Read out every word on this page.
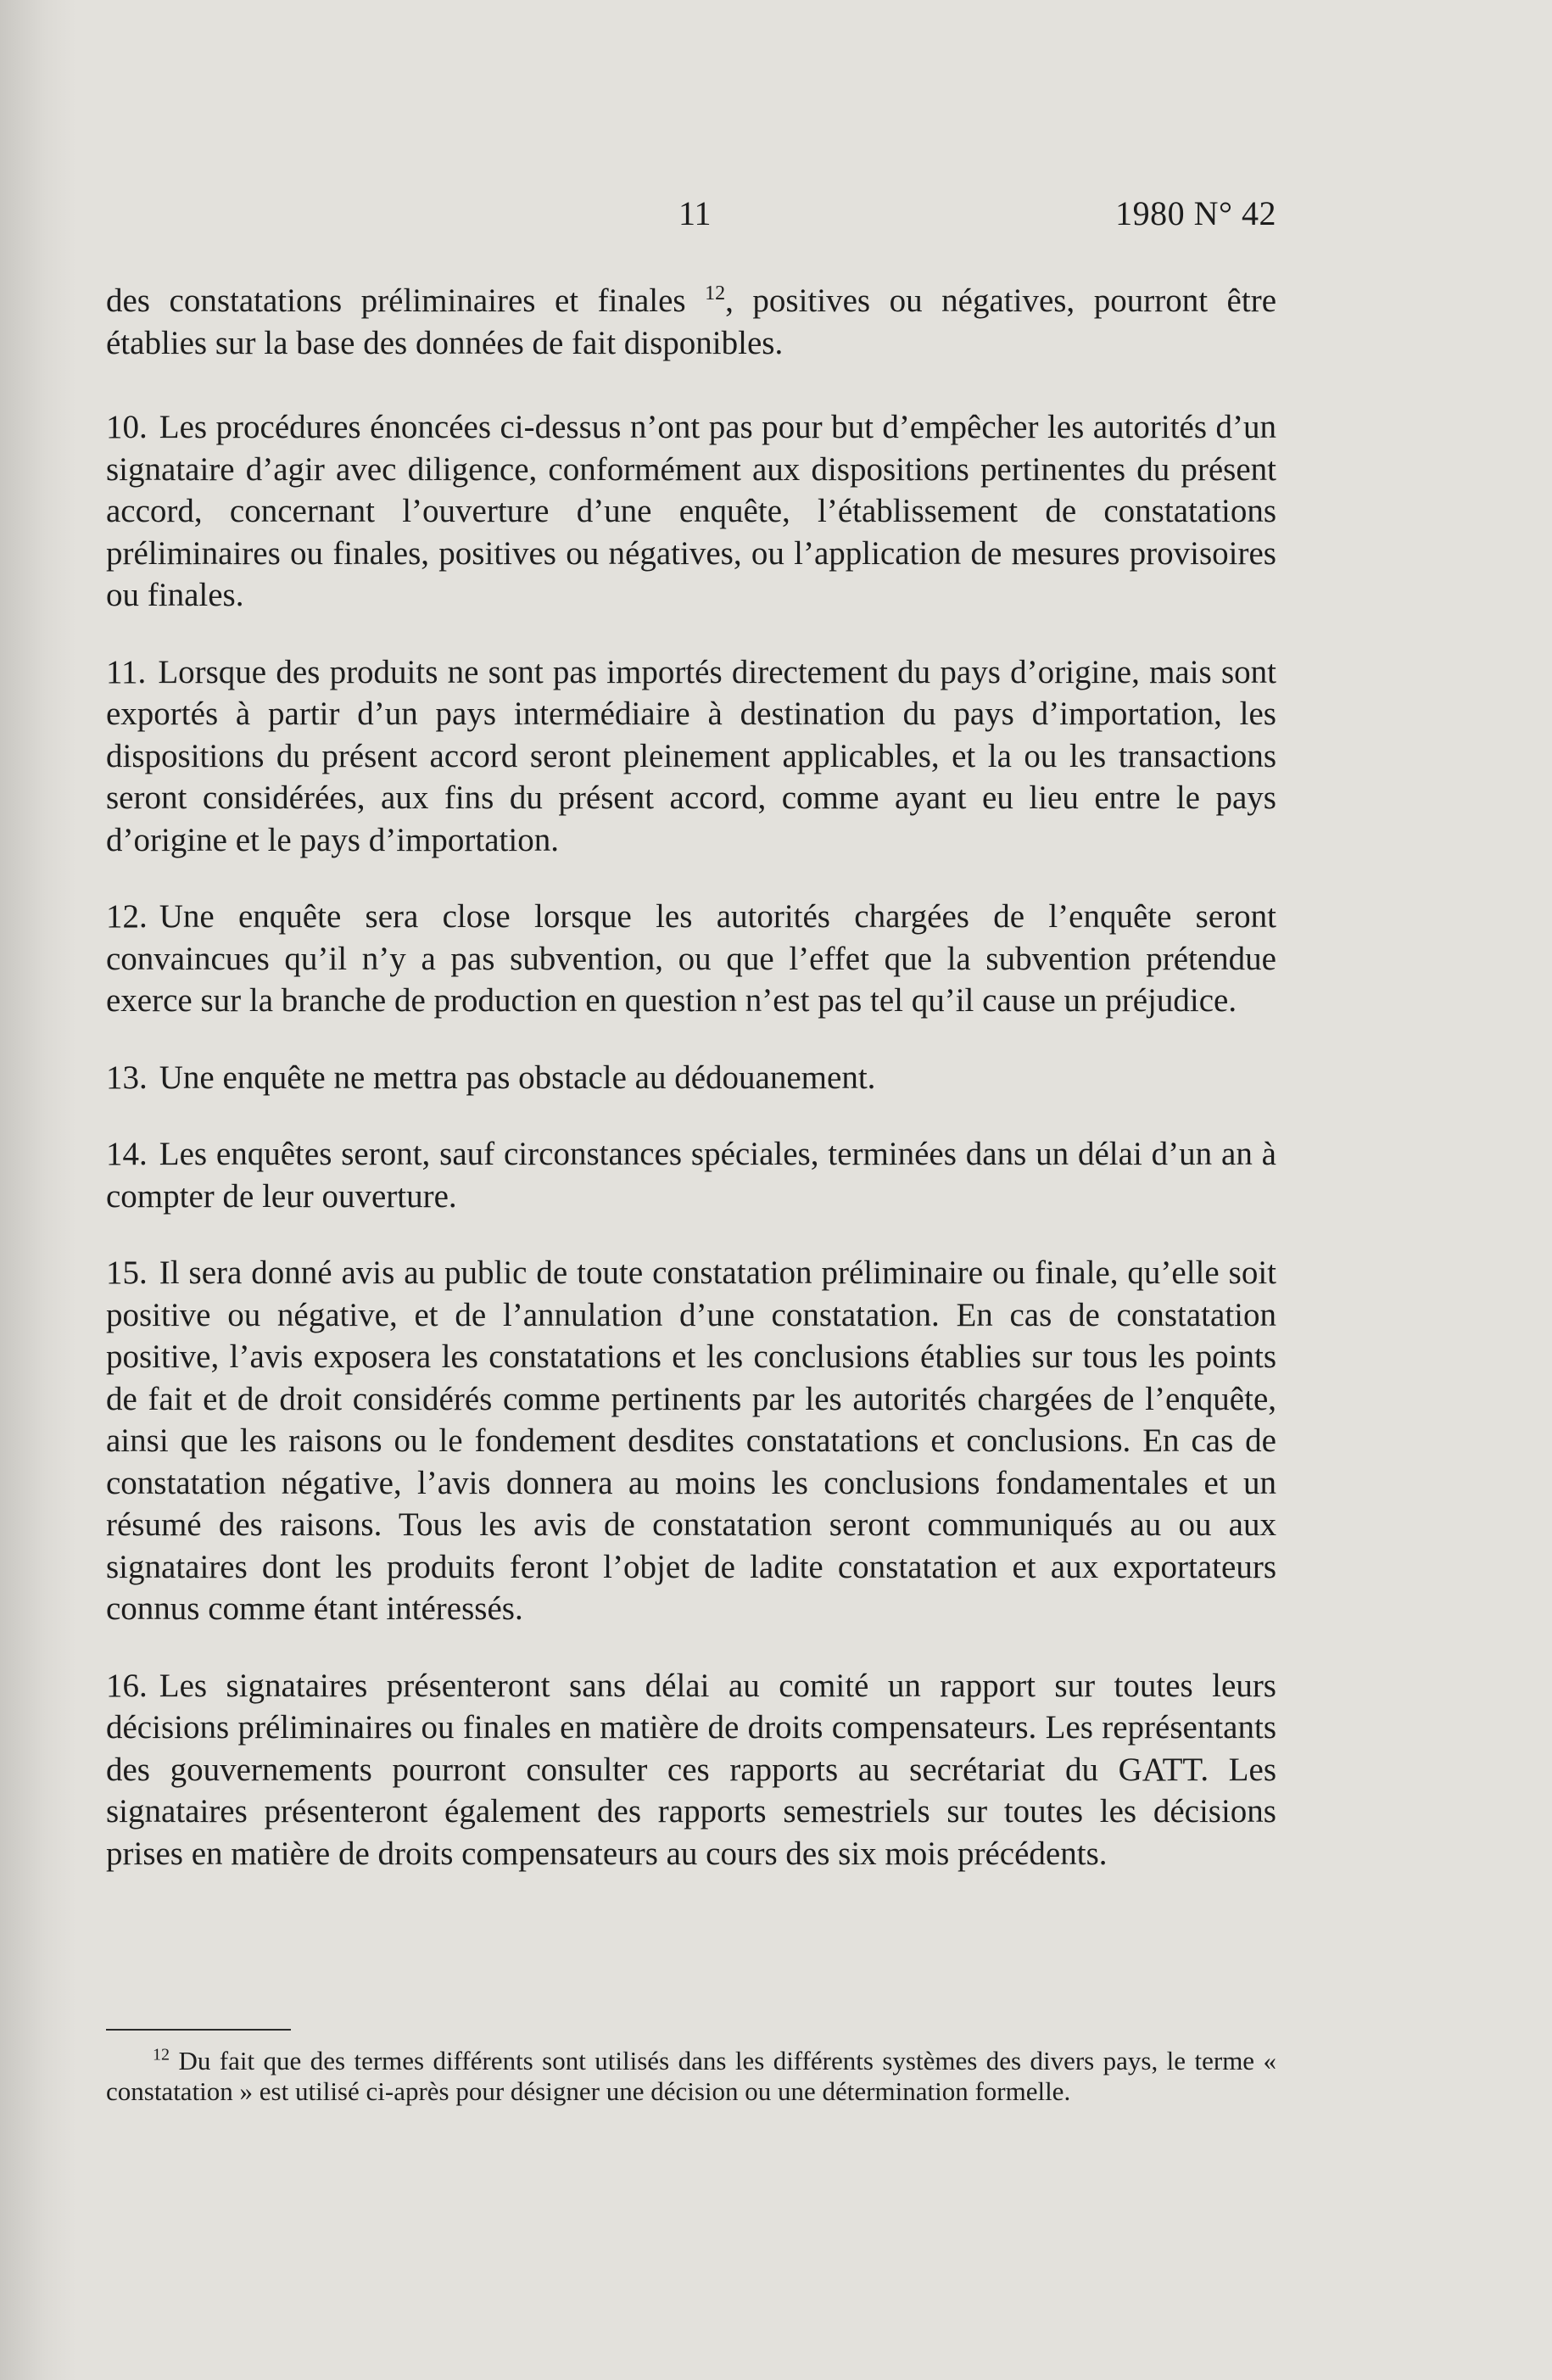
11	1980 N° 42

des constatations préliminaires et finales $^{12}$, positives ou négatives, pourront être établies sur la base des données de fait disponibles.

10. Les procédures énoncées ci-dessus n’ont pas pour but d’empêcher les autorités d’un signataire d’agir avec diligence, conformément aux dispositions pertinentes du présent accord, concernant l’ouverture d’une enquête, l’établissement de constatations préliminaires ou finales, positives ou négatives, ou l’application de mesures provisoires ou finales.

11. Lorsque des produits ne sont pas importés directement du pays d’origine, mais sont exportés à partir d’un pays intermédiaire à destination du pays d’importation, les dispositions du présent accord seront pleinement applicables, et la ou les transactions seront considérées, aux fins du présent accord, comme ayant eu lieu entre le pays d’origine et le pays d’importation.

12. Une enquête sera close lorsque les autorités chargées de l’enquête seront convaincues qu’il n’y a pas subvention, ou que l’effet que la subvention prétendue exerce sur la branche de production en question n’est pas tel qu’il cause un préjudice.

13. Une enquête ne mettra pas obstacle au dédouanement.

14. Les enquêtes seront, sauf circonstances spéciales, terminées dans un délai d’un an à compter de leur ouverture.

15. Il sera donné avis au public de toute constatation préliminaire ou finale, qu’elle soit positive ou négative, et de l’annulation d’une constatation. En cas de constatation positive, l’avis exposera les constatations et les conclusions établies sur tous les points de fait et de droit considérés comme pertinents par les autorités chargées de l’enquête, ainsi que les raisons ou le fondement desdites constatations et conclusions. En cas de constatation négative, l’avis donnera au moins les conclusions fondamentales et un résumé des raisons. Tous les avis de constatation seront communiqués au ou aux signataires dont les produits feront l’objet de ladite constatation et aux exportateurs connus comme étant intéressés.

16. Les signataires présenteront sans délai au comité un rapport sur toutes leurs décisions préliminaires ou finales en matière de droits compensateurs. Les représentants des gouvernements pourront consulter ces rapports au secrétariat du GATT. Les signataires présenteront également des rapports semestriels sur toutes les décisions prises en matière de droits compensateurs au cours des six mois précédents.

$^{12}$ Du fait que des termes différents sont utilisés dans les différents systèmes des divers pays, le terme « constatation » est utilisé ci-après pour désigner une décision ou une détermination formelle.
